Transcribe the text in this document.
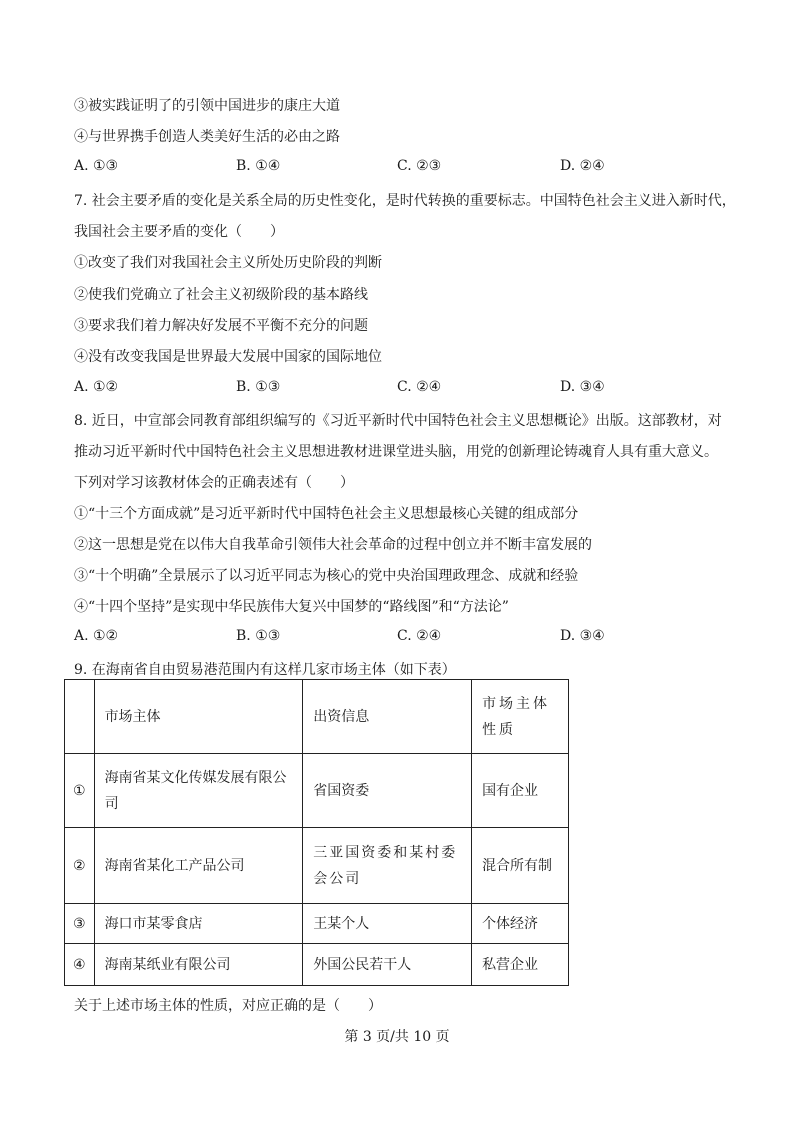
③被实践证明了的引领中国进步的康庄大道
④与世界携手创造人类美好生活的必由之路
A. ①③	B. ①④	C. ②③	D. ②④
7. 社会主要矛盾的变化是关系全局的历史性变化，是时代转换的重要标志。中国特色社会主义进入新时代，
我国社会主要矛盾的变化（　　）
①改变了我们对我国社会主义所处历史阶段的判断
②使我们党确立了社会主义初级阶段的基本路线
③要求我们着力解决好发展不平衡不充分的问题
④没有改变我国是世界最大发展中国家的国际地位
A. ①②	B. ①③	C. ②④	D. ③④
8. 近日，中宣部会同教育部组织编写的《习近平新时代中国特色社会主义思想概论》出版。这部教材，对
推动习近平新时代中国特色社会主义思想进教材进课堂进头脑，用党的创新理论铸魂育人具有重大意义。
下列对学习该教材体会的正确表述有（　　）
①“十三个方面成就”是习近平新时代中国特色社会主义思想最核心关键的组成部分
②这一思想是党在以伟大自我革命引领伟大社会革命的过程中创立并不断丰富发展的
③“十个明确”全景展示了以习近平同志为核心的党中央治国理政理念、成就和经验
④“十四个坚持”是实现中华民族伟大复兴中国梦的“路线图”和“方法论”
A. ①②	B. ①③	C. ②④	D. ③④
9. 在海南省自由贸易港范围内有这样几家市场主体（如下表）
	市场主体	出资信息	市场主体性质
①	海南省某文化传媒发展有限公司	省国资委	国有企业
②	海南省某化工产品公司	三亚国资委和某村委会公司	混合所有制
③	海口市某零食店	王某个人	个体经济
④	海南某纸业有限公司	外国公民若干人	私营企业
关于上述市场主体的性质，对应正确的是（　　）
第 3 页/共 10 页
